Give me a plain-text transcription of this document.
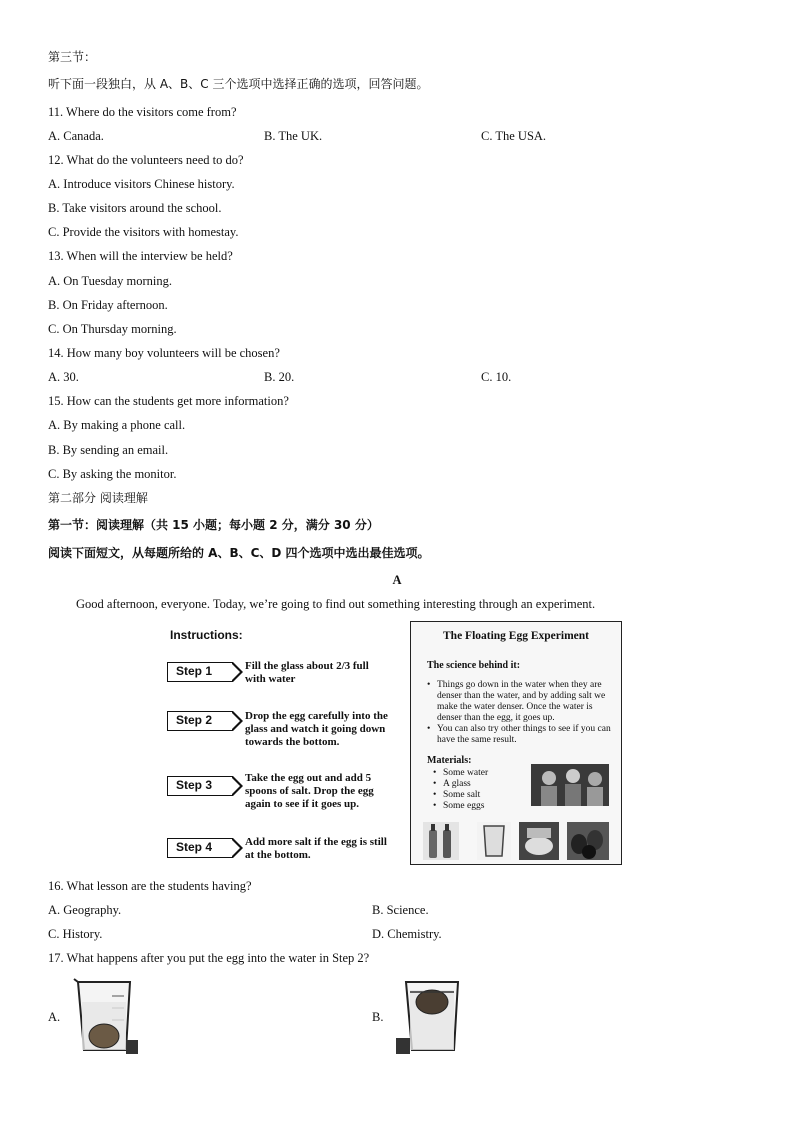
第三节：
听下面一段独白，从 A、B、C 三个选项中选择正确的选项，回答问题。
11. Where do the visitors come from?
A. Canada.	B. The UK.	C. The USA.
12. What do the volunteers need to do?
A. Introduce visitors Chinese history.
B. Take visitors around the school.
C. Provide the visitors with homestay.
13. When will the interview be held?
A. On Tuesday morning.
B. On Friday afternoon.
C. On Thursday morning.
14. How many boy volunteers will be chosen?
A. 30.	B. 20.	C. 10.
15. How can the students get more information?
A. By making a phone call.
B. By sending an email.
C. By asking the monitor.
第二部分 阅读理解
第一节：阅读理解（共 15 小题；每小题 2 分，满分 30 分）
阅读下面短文，从每题所给的 A、B、C、D 四个选项中选出最佳选项。
A
Good afternoon, everyone. Today, we’re going to find out something interesting through an experiment.
Instructions:
Step 1	Fill the glass about 2/3 full with water
Step 2	Drop the egg carefully into the glass and watch it going down towards the bottom.
Step 3	Take the egg out and add 5 spoons of salt. Drop the egg again to see if it goes up.
Step 4	Add more salt if the egg is still at the bottom.
The Floating Egg Experiment
The science behind it:
• Things go down in the water when they are denser than the water, and by adding salt we make the water denser. Once the water is denser than the egg, it goes up.
• You can also try other things to see if you can have the same result.
Materials:
• Some water
• A glass
• Some salt
• Some eggs
16. What lesson are the students having?
A. Geography.	B. Science.
C. History.	D. Chemistry.
17. What happens after you put the egg into the water in Step 2?
A.	B.
